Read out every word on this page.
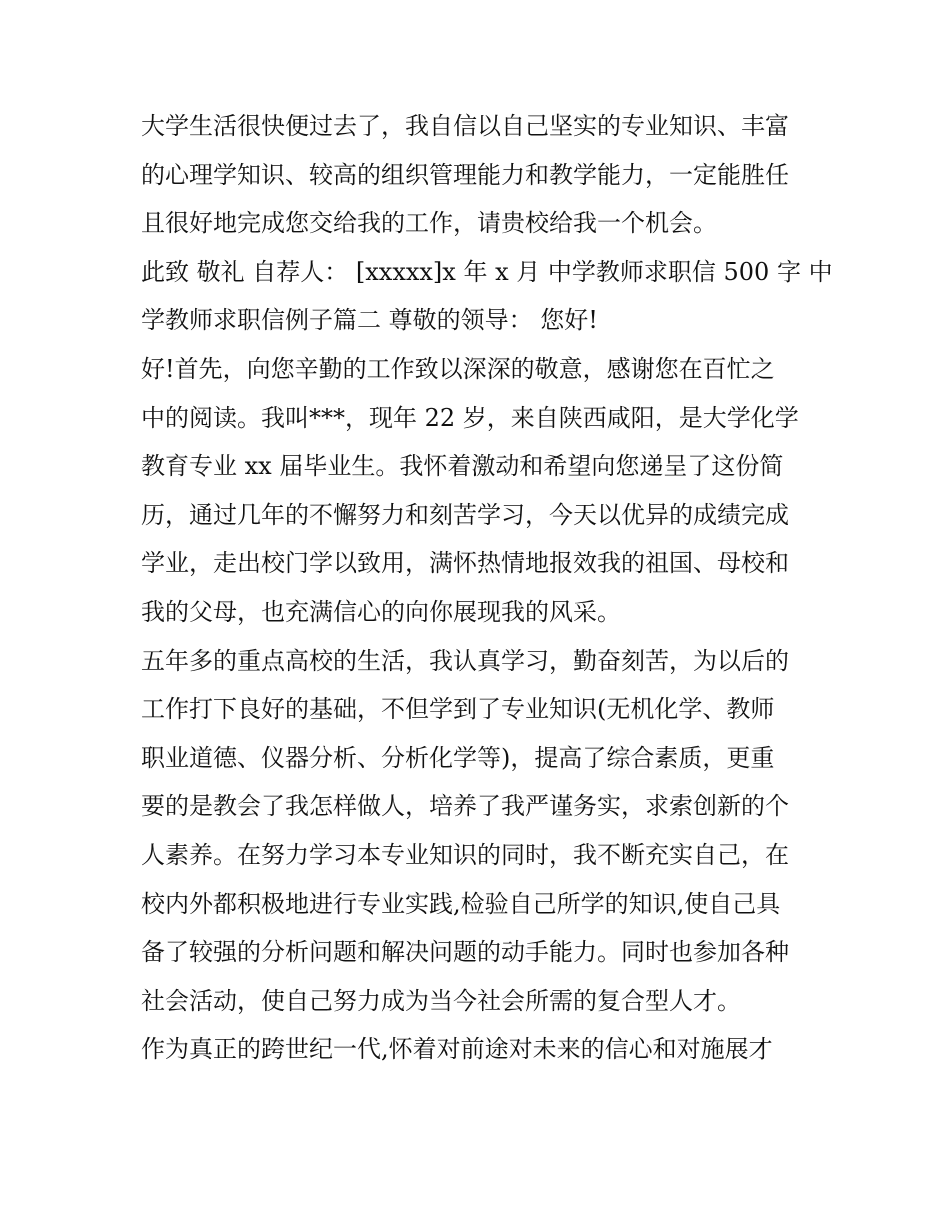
大学生活很快便过去了，我自信以自己坚实的专业知识、丰富
的心理学知识、较高的组织管理能力和教学能力，一定能胜任
且很好地完成您交给我的工作，请贵校给我一个机会。
此致 敬礼 自荐人： [xxxxx]x 年 x 月 中学教师求职信 500 字 中
学教师求职信例子篇二 尊敬的领导： 您好!
好!首先，向您辛勤的工作致以深深的敬意，感谢您在百忙之
中的阅读。我叫***，现年 22 岁，来自陕西咸阳，是大学化学
教育专业 xx 届毕业生。我怀着激动和希望向您递呈了这份简
历，通过几年的不懈努力和刻苦学习，今天以优异的成绩完成
学业，走出校门学以致用，满怀热情地报效我的祖国、母校和
我的父母，也充满信心的向你展现我的风采。
五年多的重点高校的生活，我认真学习，勤奋刻苦，为以后的
工作打下良好的基础，不但学到了专业知识(无机化学、教师
职业道德、仪器分析、分析化学等)，提高了综合素质，更重
要的是教会了我怎样做人，培养了我严谨务实，求索创新的个
人素养。在努力学习本专业知识的同时，我不断充实自己，在
校内外都积极地进行专业实践,检验自己所学的知识,使自己具
备了较强的分析问题和解决问题的动手能力。同时也参加各种
社会活动，使自己努力成为当今社会所需的复合型人才。
作为真正的跨世纪一代,怀着对前途对未来的信心和对施展才
